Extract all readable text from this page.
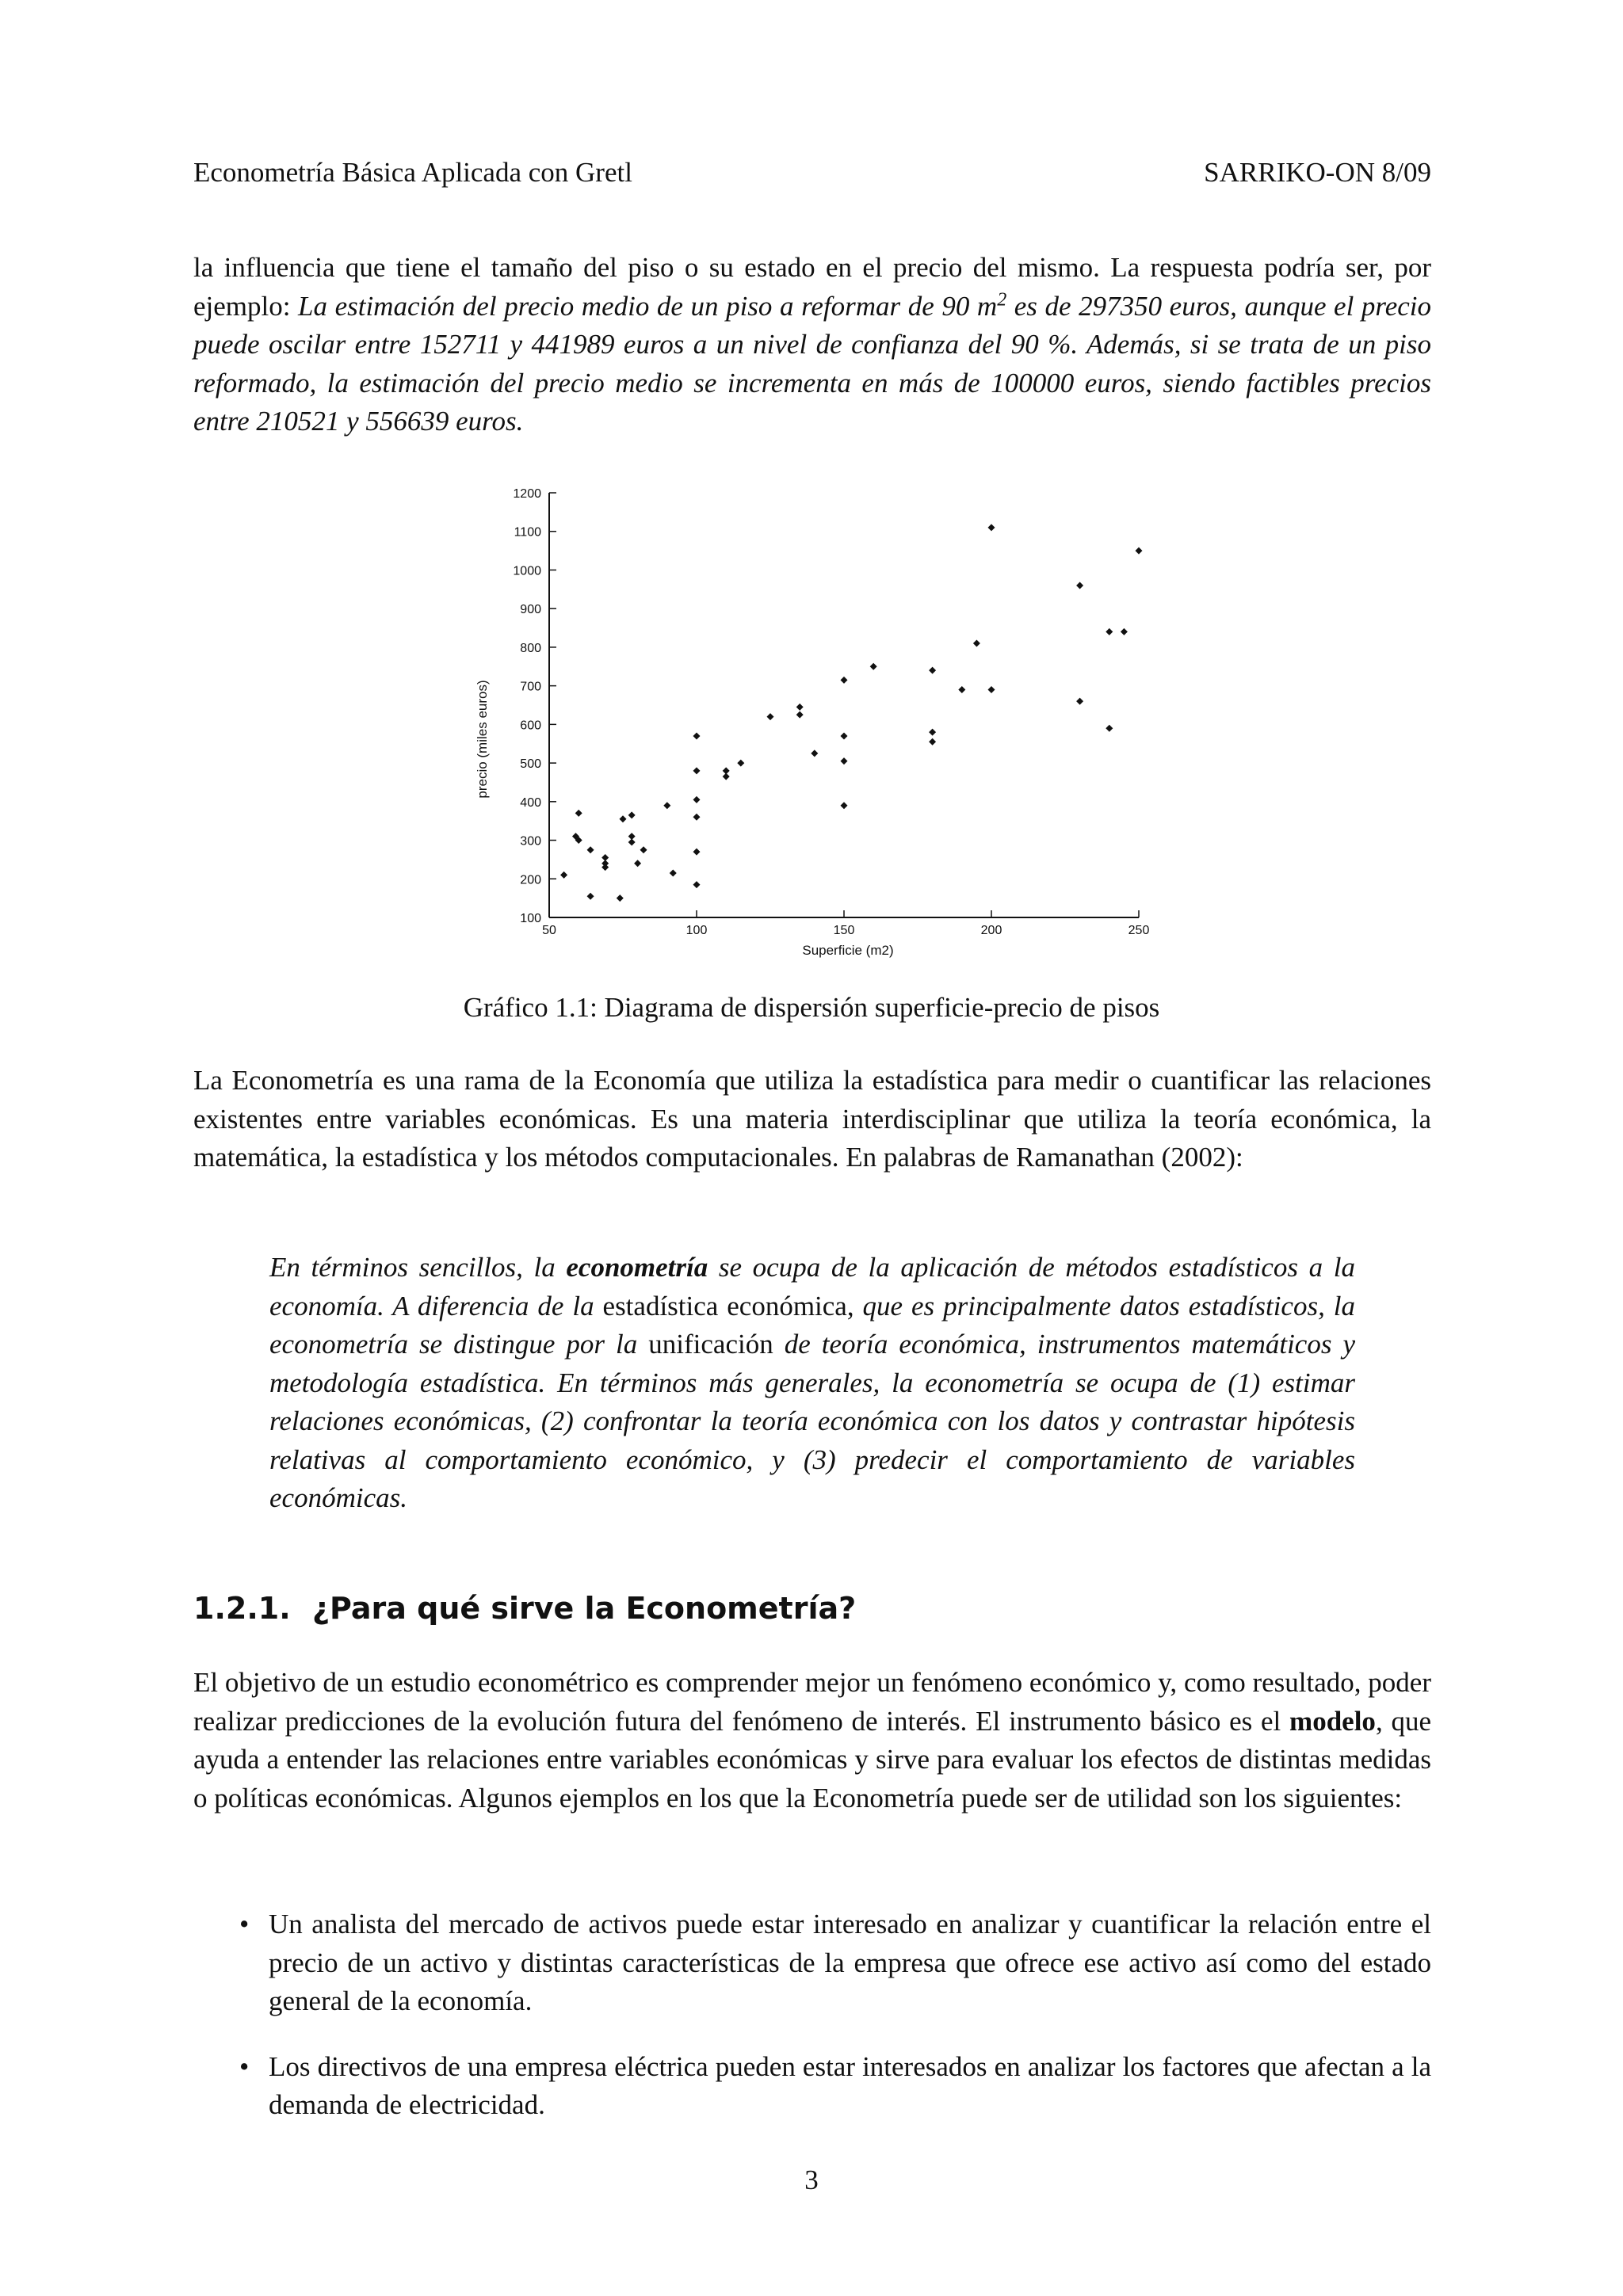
Econometría Básica Aplicada con Gretl	SARRIKO-ON 8/09
la influencia que tiene el tamaño del piso o su estado en el precio del mismo. La respuesta podría ser, por ejemplo: La estimación del precio medio de un piso a reformar de 90 $m^2$ es de 297350 euros, aunque el precio puede oscilar entre 152711 y 441989 euros a un nivel de confianza del 90 %. Además, si se trata de un piso reformado, la estimación del precio medio se incrementa en más de 100000 euros, siendo factibles precios entre 210521 y 556639 euros.
100
200
300
400
500
600
700
800
900
1000
1100
1200
50	100	150	200	250
Superficie (m2)
precio (miles euros)
Gráfico 1.1: Diagrama de dispersión superficie-precio de pisos
La Econometría es una rama de la Economía que utiliza la estadística para medir o cuantificar las relaciones existentes entre variables económicas. Es una materia interdisciplinar que utiliza la teoría económica, la matemática, la estadística y los métodos computacionales. En palabras de Ramanathan (2002):
En términos sencillos, la econometría se ocupa de la aplicación de métodos estadísticos a la economía. A diferencia de la estadística económica, que es principalmente datos estadísticos, la econometría se distingue por la unificación de teoría económica, instrumentos matemáticos y metodología estadística. En términos más generales, la econometría se ocupa de (1) estimar relaciones económicas, (2) confrontar la teoría económica con los datos y contrastar hipótesis relativas al comportamiento económico, y (3) predecir el comportamiento de variables económicas.
1.2.1. ¿Para qué sirve la Econometría?
El objetivo de un estudio econométrico es comprender mejor un fenómeno económico y, como resultado, poder realizar predicciones de la evolución futura del fenómeno de interés. El instrumento básico es el modelo, que ayuda a entender las relaciones entre variables económicas y sirve para evaluar los efectos de distintas medidas o políticas económicas. Algunos ejemplos en los que la Econometría puede ser de utilidad son los siguientes:
• Un analista del mercado de activos puede estar interesado en analizar y cuantificar la relación entre el precio de un activo y distintas características de la empresa que ofrece ese activo así como del estado general de la economía.
• Los directivos de una empresa eléctrica pueden estar interesados en analizar los factores que afectan a la demanda de electricidad.
3
